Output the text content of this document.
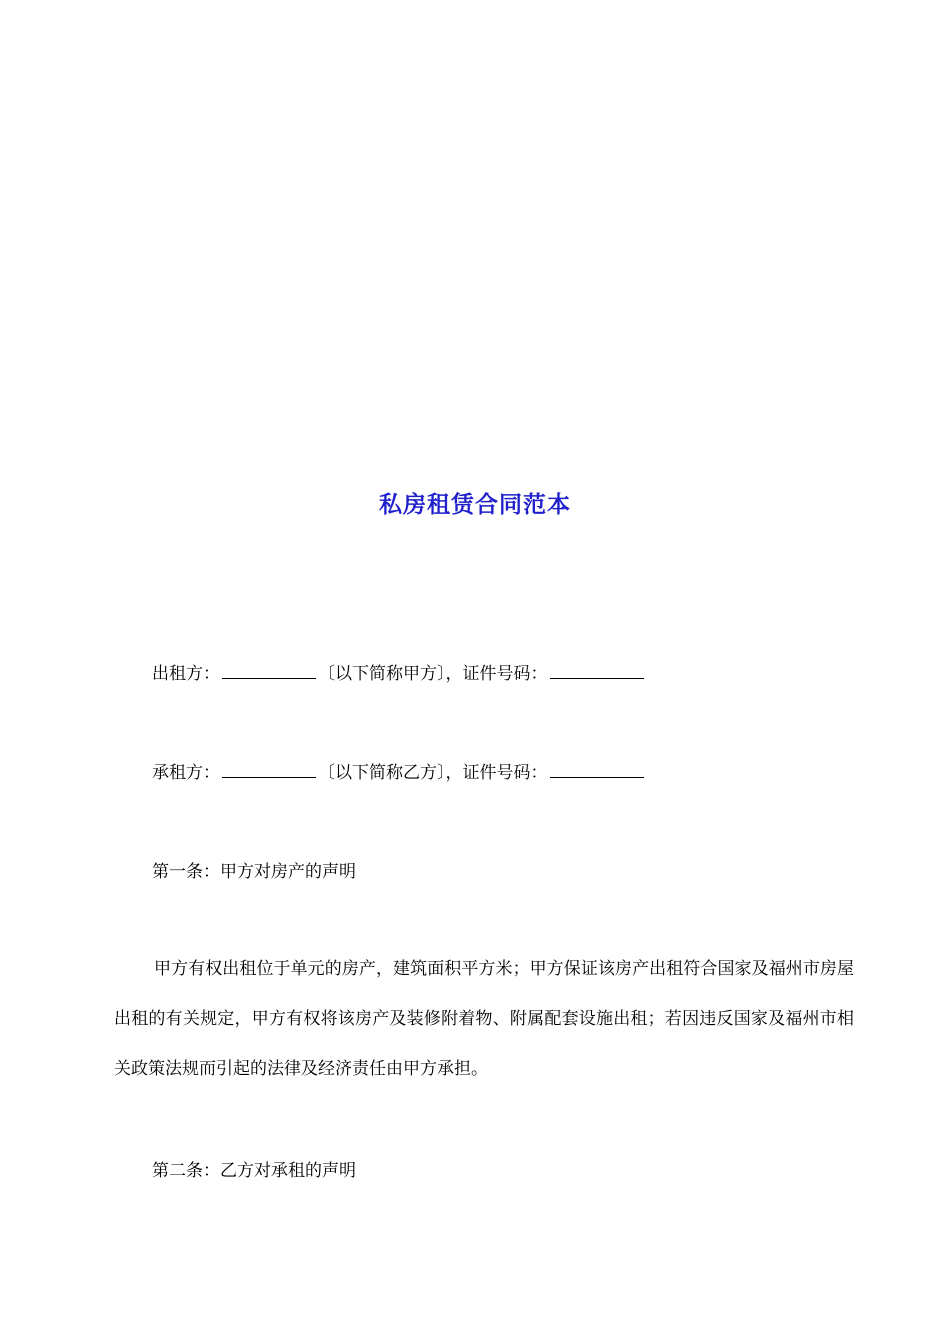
私房租赁合同范本
出租方：	〔以下简称甲方〕，证件号码：
承租方：	〔以下简称乙方〕，证件号码：
第一条：甲方对房产的声明
甲方有权出租位于单元的房产，建筑面积平方米；甲方保证该房产出租符合国家及福州市房屋出租的有关规定，甲方有权将该房产及装修附着物、附属配套设施出租；若因违反国家及福州市相关政策法规而引起的法律及经济责任由甲方承担。
第二条：乙方对承租的声明
